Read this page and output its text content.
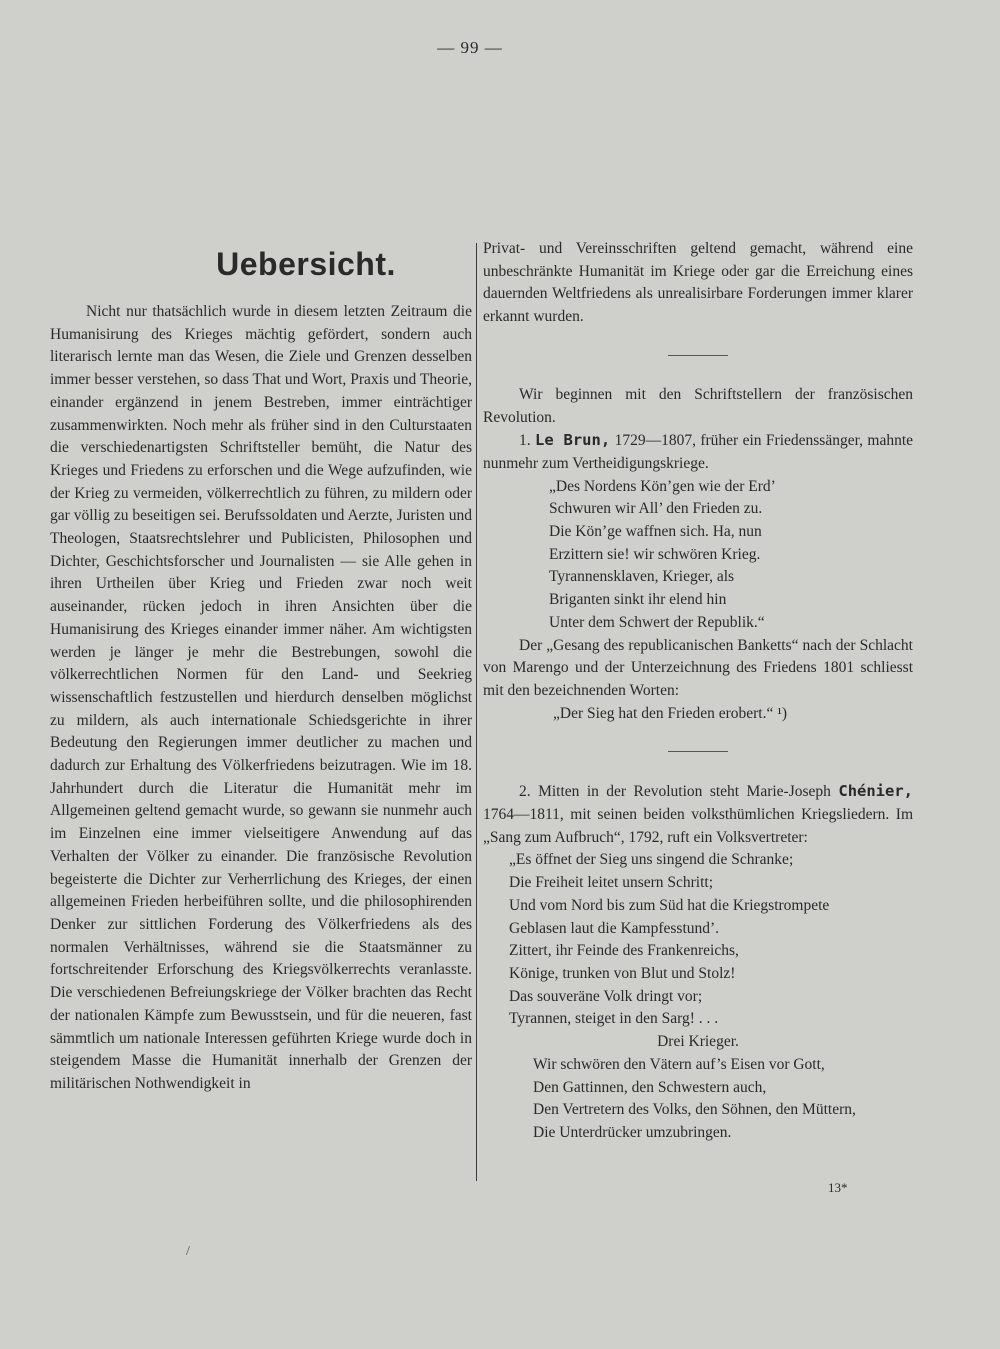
— 99 —
Uebersicht.

Nicht nur thatsächlich wurde in diesem letzten Zeitraum die Humanisirung des Krieges mächtig gefördert, sondern auch literarisch lernte man das Wesen, die Ziele und Grenzen desselben immer besser verstehen, so dass That und Wort, Praxis und Theorie, einander ergänzend in jenem Bestreben, immer einträchtiger zusammenwirkten. Noch mehr als früher sind in den Culturstaaten die verschiedenartigsten Schriftsteller bemüht, die Natur des Krieges und Friedens zu erforschen und die Wege aufzufinden, wie der Krieg zu vermeiden, völkerrechtlich zu führen, zu mildern oder gar völlig zu beseitigen sei. Berufssoldaten und Aerzte, Juristen und Theologen, Staatsrechtslehrer und Publicisten, Philosophen und Dichter, Geschichtsforscher und Journalisten — sie Alle gehen in ihren Urtheilen über Krieg und Frieden zwar noch weit auseinander, rücken jedoch in ihren Ansichten über die Humanisirung des Krieges einander immer näher. Am wichtigsten werden je länger je mehr die Bestrebungen, sowohl die völkerrechtlichen Normen für den Land- und Seekrieg wissenschaftlich festzustellen und hierdurch denselben möglichst zu mildern, als auch internationale Schiedsgerichte in ihrer Bedeutung den Regierungen immer deutlicher zu machen und dadurch zur Erhaltung des Völkerfriedens beizutragen. Wie im 18. Jahrhundert durch die Literatur die Humanität mehr im Allgemeinen geltend gemacht wurde, so gewann sie nunmehr auch im Einzelnen eine immer vielseitigere Anwendung auf das Verhalten der Völker zu einander. Die französische Revolution begeisterte die Dichter zur Verherrlichung des Krieges, der einen allgemeinen Frieden herbeiführen sollte, und die philosophirenden Denker zur sittlichen Forderung des Völkerfriedens als des normalen Verhältnisses, während sie die Staatsmänner zu fortschreitender Erforschung des Kriegsvölkerrechts veranlasste. Die verschiedenen Befreiungskriege der Völker brachten das Recht der nationalen Kämpfe zum Bewusstsein, und für die neueren, fast sämmtlich um nationale Interessen geführten Kriege wurde doch in steigendem Masse die Humanität innerhalb der Grenzen der militärischen Nothwendigkeit in

Privat- und Vereinsschriften geltend gemacht, während eine unbeschränkte Humanität im Kriege oder gar die Erreichung eines dauernden Weltfriedens als unrealisirbare Forderungen immer klarer erkannt wurden.

Wir beginnen mit den Schriftstellern der französischen Revolution.

1. Le Brun, 1729—1807, früher ein Friedenssänger, mahnte nunmehr zum Vertheidigungskriege.

„Des Nordens Kön’gen wie der Erd’
Schwuren wir All’ den Frieden zu.
Die Kön’ge waffnen sich. Ha, nun
Erzittern sie! wir schwören Krieg.
Tyrannensklaven, Krieger, als
Briganten sinkt ihr elend hin
Unter dem Schwert der Republik.“

Der „Gesang des republicanischen Banketts“ nach der Schlacht von Marengo und der Unterzeichnung des Friedens 1801 schliesst mit den bezeichnenden Worten:

„Der Sieg hat den Frieden erobert.“ ¹)

2. Mitten in der Revolution steht Marie-Joseph Chénier, 1764—1811, mit seinen beiden volksthümlichen Kriegsliedern. Im „Sang zum Aufbruch“, 1792, ruft ein Volksvertreter:

„Es öffnet der Sieg uns singend die Schranke;
Die Freiheit leitet unsern Schritt;
Und vom Nord bis zum Süd hat die Kriegstrompete
Geblasen laut die Kampfesstund’.
Zittert, ihr Feinde des Frankenreichs,
Könige, trunken von Blut und Stolz!
Das souveräne Volk dringt vor;
Tyrannen, steiget in den Sarg! . . .

Drei Krieger.

Wir schwören den Vätern auf’s Eisen vor Gott,
Den Gattinnen, den Schwestern auch,
Den Vertretern des Volks, den Söhnen, den Müttern,
Die Unterdrücker umzubringen.
13*
/
